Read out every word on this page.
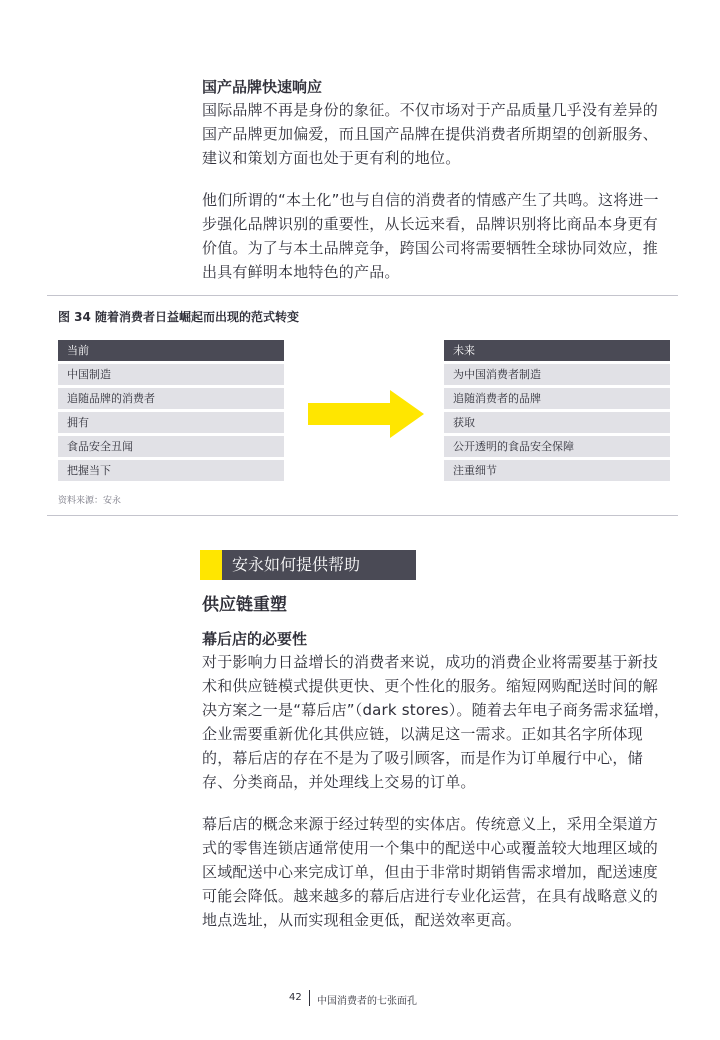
国产品牌快速响应

国际品牌不再是身份的象征。不仅市场对于产品质量几乎没有差异的国产品牌更加偏爱，而且国产品牌在提供消费者所期望的创新服务、建议和策划方面也处于更有利的地位。

他们所谓的“本土化”也与自信的消费者的情感产生了共鸣。这将进一步强化品牌识别的重要性，从长远来看，品牌识别将比商品本身更有价值。为了与本土品牌竞争，跨国公司将需要牺牲全球协同效应，推出具有鲜明本地特色的产品。

图 34 随着消费者日益崛起而出现的范式转变
当前
中国制造
追随品牌的消费者
拥有
食品安全丑闻
把握当下
未来
为中国消费者制造
追随消费者的品牌
获取
公开透明的食品安全保障
注重细节
资料来源：安永
安永如何提供帮助
供应链重塑
幕后店的必要性

对于影响力日益增长的消费者来说，成功的消费企业将需要基于新技术和供应链模式提供更快、更个性化的服务。缩短网购配送时间的解决方案之一是“幕后店”（dark stores）。随着去年电子商务需求猛增，企业需要重新优化其供应链，以满足这一需求。正如其名字所体现的，幕后店的存在不是为了吸引顾客，而是作为订单履行中心，储存、分类商品，并处理线上交易的订单。

幕后店的概念来源于经过转型的实体店。传统意义上，采用全渠道方式的零售连锁店通常使用一个集中的配送中心或覆盖较大地理区域的区域配送中心来完成订单，但由于非常时期销售需求增加，配送速度可能会降低。越来越多的幕后店进行专业化运营，在具有战略意义的地点选址，从而实现租金更低，配送效率更高。

42 中国消费者的七张面孔
